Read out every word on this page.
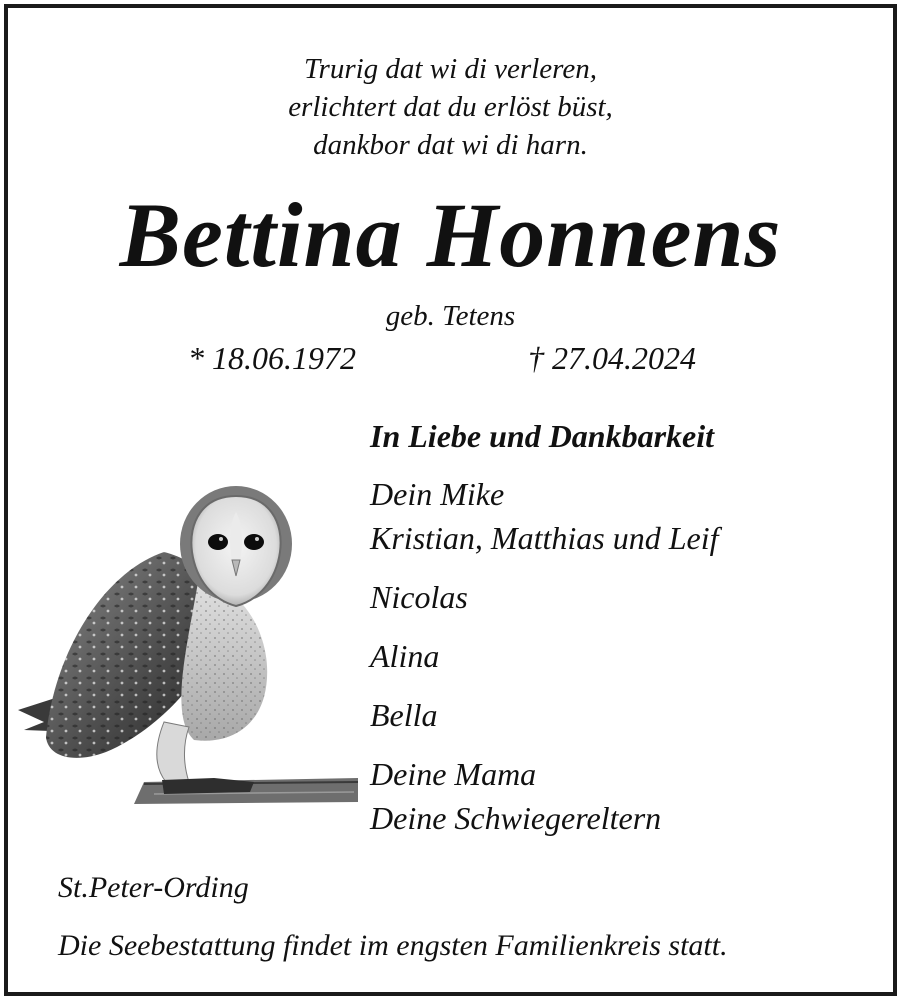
Trurig dat wi di verleren,
erlichtert dat du erlöst büst,
dankbor dat wi di harn.
Bettina Honnens
geb. Tetens
* 18.06.1972	† 27.04.2024
In Liebe und Dankbarkeit
Dein Mike
Kristian, Matthias und Leif
Nicolas
Alina
Bella
Deine Mama
Deine Schwiegereltern
St.Peter-Ording
Die Seebestattung findet im engsten Familienkreis statt.
